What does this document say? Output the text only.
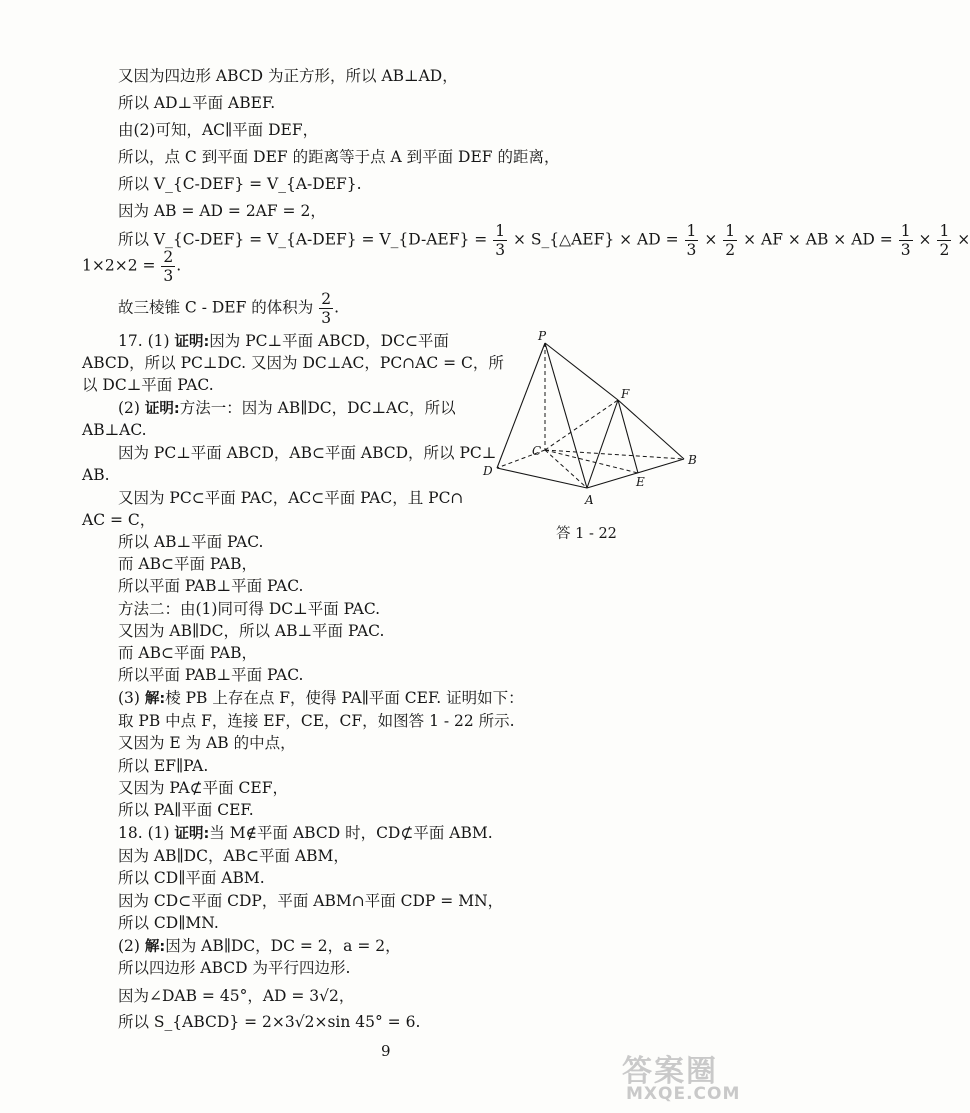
又因为四边形 ABCD 为正方形，所以 AB⊥AD，
所以 AD⊥平面 ABEF.
由(2)可知，AC∥平面 DEF，
所以，点 C 到平面 DEF 的距离等于点 A 到平面 DEF 的距离，
所以 V_{C-DEF} = V_{A-DEF}.
因为 AB = AD = 2AF = 2，
所以 V_{C-DEF} = V_{A-DEF} = V_{D-AEF} = $\frac{1}{3}$ × S_{△AEF} × AD = $\frac{1}{3} \times \frac{1}{2}$ × AF × AB × AD = $\frac{1}{3} \times \frac{1}{2}$ ×
$1\times 2\times 2 = \frac{2}{3}$ .
故三棱锥 C - DEF 的体积为 $\frac{2}{3}$ .
17. (1) 证明:因为 PC⊥平面 ABCD，DC⊂平面
ABCD，所以 PC⊥DC. 又因为 DC⊥AC，PC∩AC = C，所
以 DC⊥平面 PAC.
(2) 证明:方法一：因为 AB∥DC，DC⊥AC，所以
AB⊥AC.
因为 PC⊥平面 ABCD，AB⊂平面 ABCD，所以 PC⊥
AB.
又因为 PC⊂平面 PAC，AC⊂平面 PAC，且 PC∩
AC = C，
P
F
C
B
D
E
A
答 1 - 22
所以 AB⊥平面 PAC.
而 AB⊂平面 PAB，
所以平面 PAB⊥平面 PAC.
方法二：由(1)同可得 DC⊥平面 PAC.
又因为 AB∥DC，所以 AB⊥平面 PAC.
而 AB⊂平面 PAB，
所以平面 PAB⊥平面 PAC.
(3) 解:棱 PB 上存在点 F，使得 PA∥平面 CEF. 证明如下：
取 PB 中点 F，连接 EF，CE，CF，如图答 1 - 22 所示.
又因为 E 为 AB 的中点，
所以 EF∥PA.
又因为 PA⊄平面 CEF，
所以 PA∥平面 CEF.
18. (1) 证明:当 M∉平面 ABCD 时，CD⊄平面 ABM.
因为 AB∥DC，AB⊂平面 ABM，
所以 CD∥平面 ABM.
因为 CD⊂平面 CDP，平面 ABM∩平面 CDP = MN，
所以 CD∥MN.
(2) 解:因为 AB∥DC，DC = 2，a = 2，
所以四边形 ABCD 为平行四边形.
因为∠DAB = 45°，AD = 3√2，
所以 S_{ABCD} = 2×3√2×sin 45° = 6.
9
答案圈
MXQE.COM
